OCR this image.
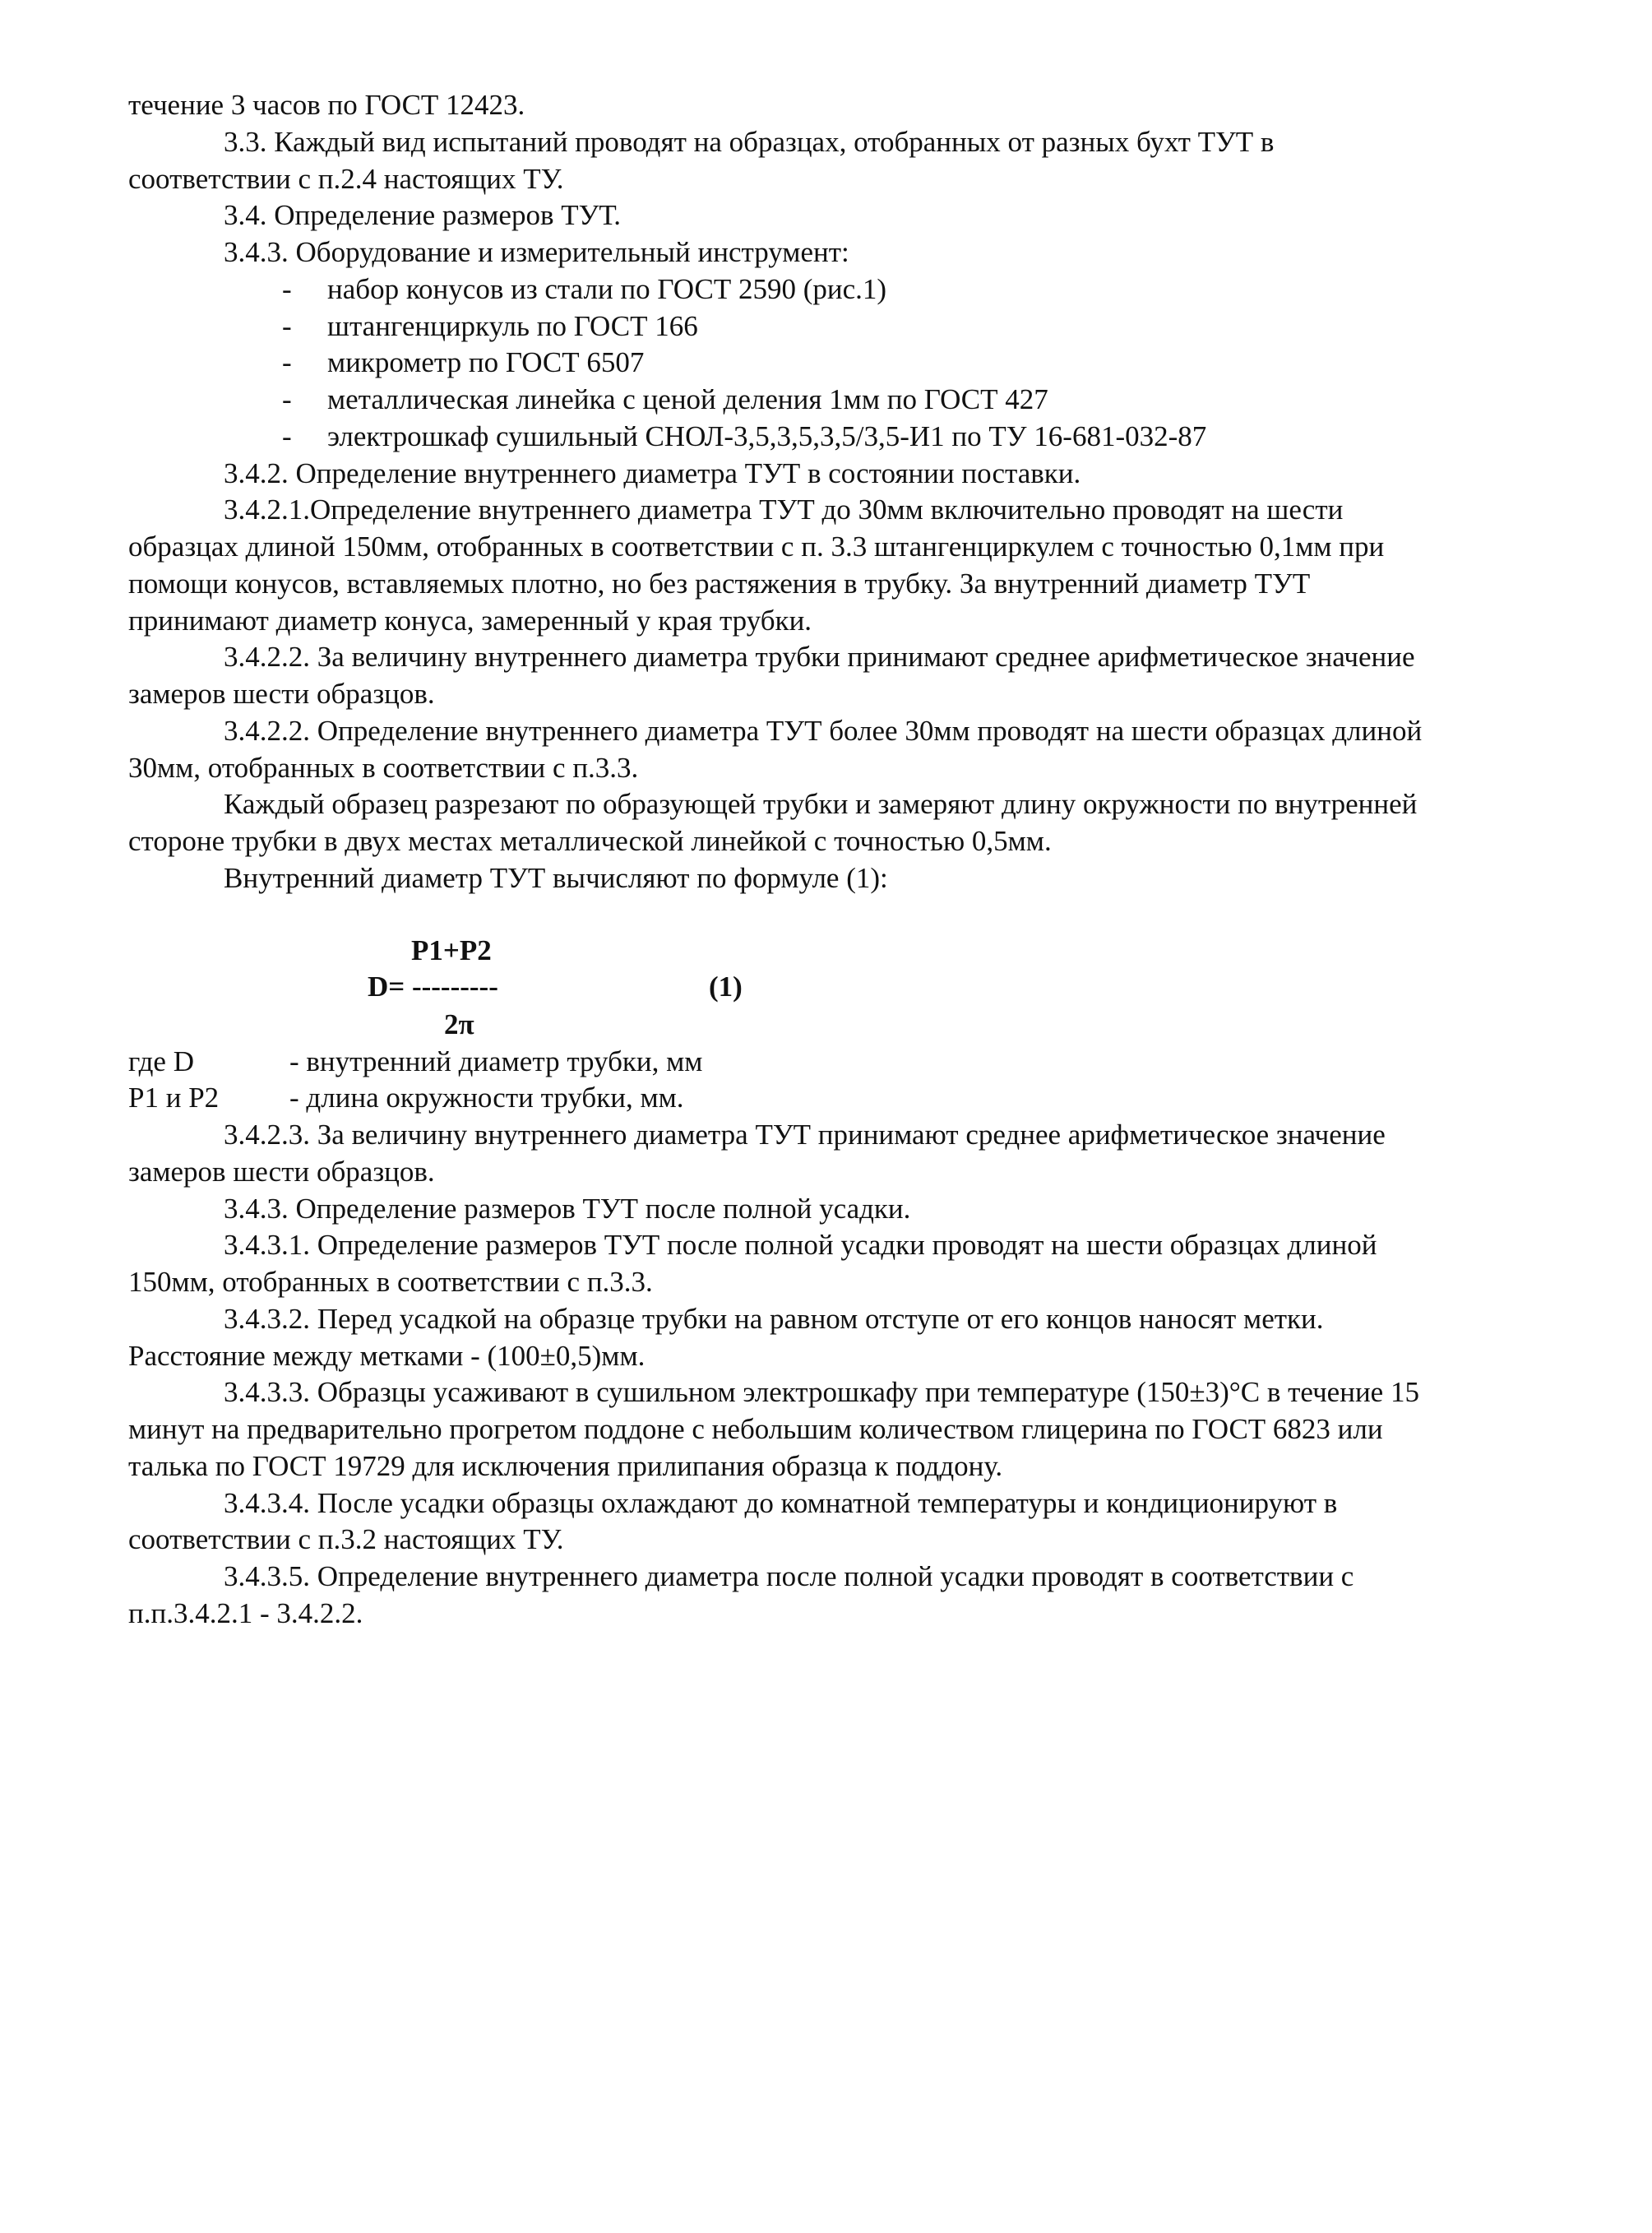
течение 3 часов по ГОСТ 12423.
3.3. Каждый вид испытаний проводят на образцах, отобранных от разных бухт ТУТ в
соответствии с п.2.4 настоящих ТУ.
3.4. Определение размеров ТУТ.
3.4.3. Оборудование и измерительный инструмент:
- набор конусов из стали по ГОСТ 2590 (рис.1)
- штангенциркуль по ГОСТ 166
- микрометр по ГОСТ 6507
- металлическая линейка с ценой деления 1мм по ГОСТ 427
- электрошкаф сушильный СНОЛ-3,5,3,5,3,5/3,5-И1 по ТУ 16-681-032-87
3.4.2. Определение внутреннего диаметра ТУТ в состоянии поставки.
3.4.2.1.Определение внутреннего диаметра ТУТ до 30мм включительно проводят на шести
образцах длиной 150мм, отобранных в соответствии с п. 3.3 штангенциркулем с точностью 0,1мм при
помощи конусов, вставляемых плотно, но без растяжения в трубку. За внутренний диаметр ТУТ
принимают диаметр конуса, замеренный у края трубки.
3.4.2.2. За величину внутреннего диаметра трубки принимают среднее арифметическое значение
замеров шести образцов.
3.4.2.2. Определение внутреннего диаметра ТУТ более 30мм проводят на шести образцах длиной
30мм, отобранных в соответствии с п.3.3.
Каждый образец разрезают по образующей трубки и замеряют длину окружности по внутренней
стороне трубки в двух местах металлической линейкой с точностью 0,5мм.
Внутренний диаметр ТУТ вычисляют по формуле (1):
P1+P2
D= ---------	(1)
2π
где D	- внутренний диаметр трубки, мм
P1 и P2 - длина окружности трубки, мм.
3.4.2.3. За величину внутреннего диаметра ТУТ принимают среднее арифметическое значение
замеров шести образцов.
3.4.3. Определение размеров ТУТ после полной усадки.
3.4.3.1. Определение размеров ТУТ после полной усадки проводят на шести образцах длиной
150мм, отобранных в соответствии с п.3.3.
3.4.3.2. Перед усадкой на образце трубки на равном отступе от его концов наносят метки.
Расстояние между метками - (100±0,5)мм.
3.4.3.3. Образцы усаживают в сушильном электрошкафу при температуре (150±3)°С в течение 15
минут на предварительно прогретом поддоне с небольшим количеством глицерина по ГОСТ 6823 или
талька по ГОСТ 19729 для исключения прилипания образца к поддону.
3.4.3.4. После усадки образцы охлаждают до комнатной температуры и кондиционируют в
соответствии с п.3.2 настоящих ТУ.
3.4.3.5. Определение внутреннего диаметра после полной усадки проводят в соответствии с
п.п.3.4.2.1 - 3.4.2.2.
